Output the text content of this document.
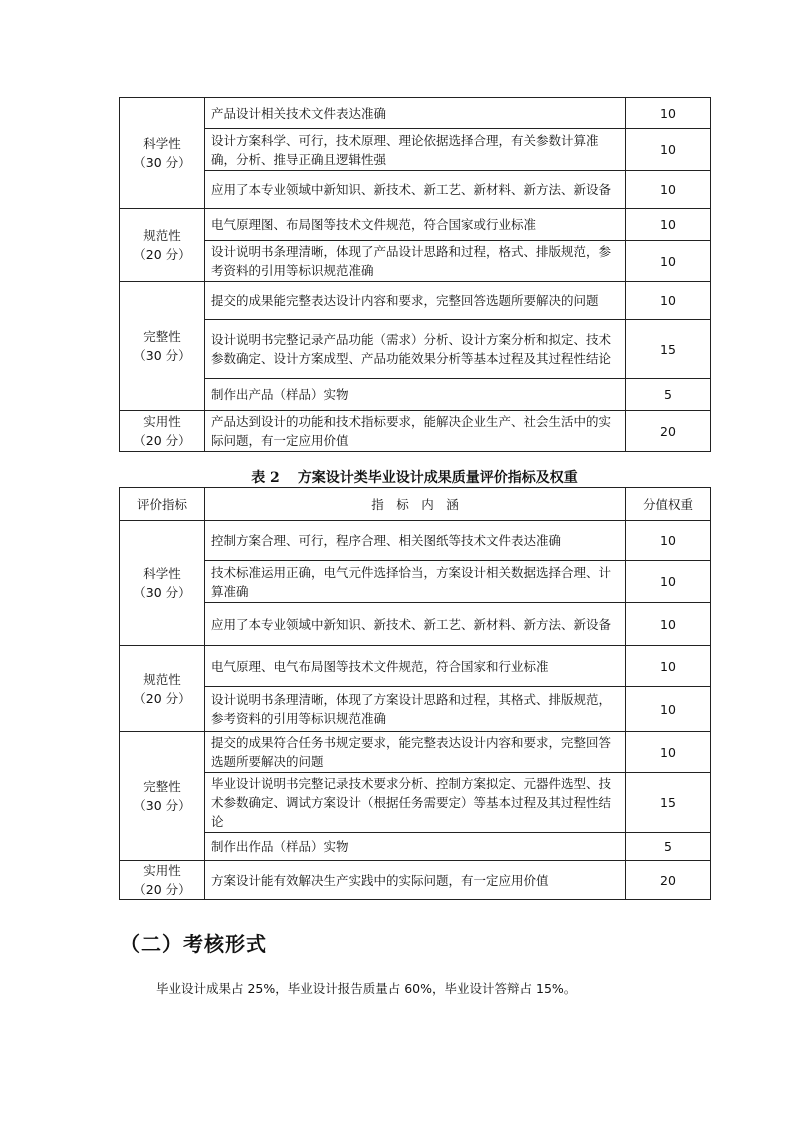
科学性
（30 分）	产品设计相关技术文件表达准确	10
	设计方案科学、可行，技术原理、理论依据选择合理，有关参数计算准确，分析、推导正确且逻辑性强	10
	应用了本专业领域中新知识、新技术、新工艺、新材料、新方法、新设备	10

规范性
（20 分）	电气原理图、布局图等技术文件规范，符合国家或行业标准	10
	设计说明书条理清晰，体现了产品设计思路和过程，格式、排版规范，参考资料的引用等标识规范准确	10

完整性
（30 分）	提交的成果能完整表达设计内容和要求，完整回答选题所要解决的问题	10
	设计说明书完整记录产品功能（需求）分析、设计方案分析和拟定、技术参数确定、设计方案成型、产品功能效果分析等基本过程及其过程性结论	15
	制作出产品（样品）实物	5

实用性
（20 分）	产品达到设计的功能和技术指标要求，能解决企业生产、社会生活中的实际问题，有一定应用价值	20
表 2 方案设计类毕业设计成果质量评价指标及权重
评价指标	指　标　内　涵	分值权重

科学性
（30 分）	控制方案合理、可行，程序合理、相关图纸等技术文件表达准确	10
	技术标准运用正确，电气元件选择恰当，方案设计相关数据选择合理、计算准确	10
	应用了本专业领域中新知识、新技术、新工艺、新材料、新方法、新设备	10

规范性
（20 分）	电气原理、电气布局图等技术文件规范，符合国家和行业标准	10
	设计说明书条理清晰，体现了方案设计思路和过程，其格式、排版规范，参考资料的引用等标识规范准确	10

完整性
（30 分）	提交的成果符合任务书规定要求，能完整表达设计内容和要求，完整回答选题所要解决的问题	10
	毕业设计说明书完整记录技术要求分析、控制方案拟定、元器件选型、技术参数确定、调试方案设计（根据任务需要定）等基本过程及其过程性结论	15
	制作出作品（样品）实物	5

实用性
（20 分）	方案设计能有效解决生产实践中的实际问题，有一定应用价值	20
（二）考核形式
毕业设计成果占 25%，毕业设计报告质量占 60%，毕业设计答辩占 15%。
